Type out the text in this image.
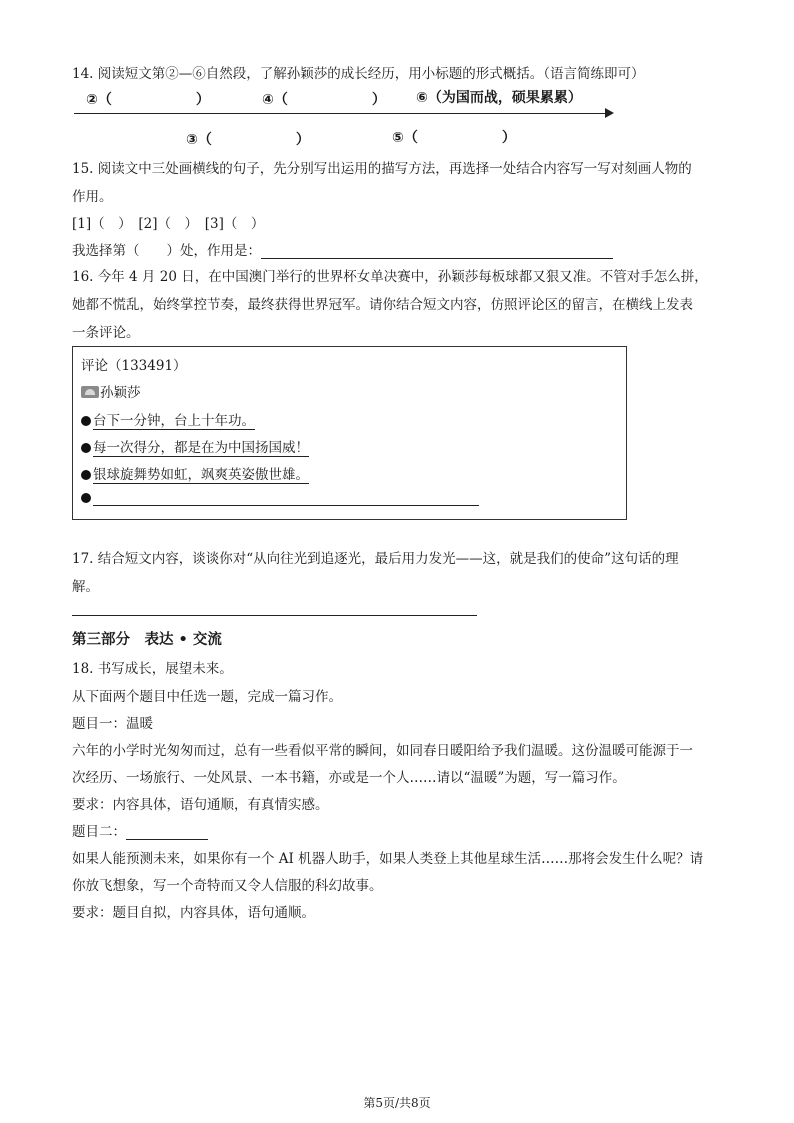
14. 阅读短文第②—⑥自然段，了解孙颖莎的成长经历，用小标题的形式概括。（语言简练即可）
②（　　　　　　）	④（　　　　　　） ⑥（为国而战，硕果累累）
③（　　　　　　）	⑤（　　　　　　）
15. 阅读文中三处画横线的句子，先分别写出运用的描写方法，再选择一处结合内容写一写对刻画人物的
作用。
[1]（　）　[2]（　）　[3]（　）
我选择第（　　）处，作用是：
16. 今年 4 月 20 日，在中国澳门举行的世界杯女单决赛中，孙颖莎每板球都又狠又准。不管对手怎么拼，
她都不慌乱，始终掌控节奏，最终获得世界冠军。请你结合短文内容，仿照评论区的留言，在横线上发表
一条评论。
评论（133491）
孙颖莎
台下一分钟，台上十年功。
每一次得分，都是在为中国扬国威！
银球旋舞势如虹，飒爽英姿傲世雄。
17. 结合短文内容，谈谈你对“从向往光到追逐光，最后用力发光——这，就是我们的使命”这句话的理
解。
第三部分　表达 • 交流
18. 书写成长，展望未来。
从下面两个题目中任选一题，完成一篇习作。
题目一：温暖
六年的小学时光匆匆而过，总有一些看似平常的瞬间，如同春日暖阳给予我们温暖。这份温暖可能源于一
次经历、一场旅行、一处风景、一本书籍，亦或是一个人……请以“温暖”为题，写一篇习作。
要求：内容具体，语句通顺，有真情实感。
题目二：
如果人能预测未来，如果你有一个 AI 机器人助手，如果人类登上其他星球生活……那将会发生什么呢？请
你放飞想象，写一个奇特而又令人信服的科幻故事。
要求：题目自拟，内容具体，语句通顺。
第5页/共8页
